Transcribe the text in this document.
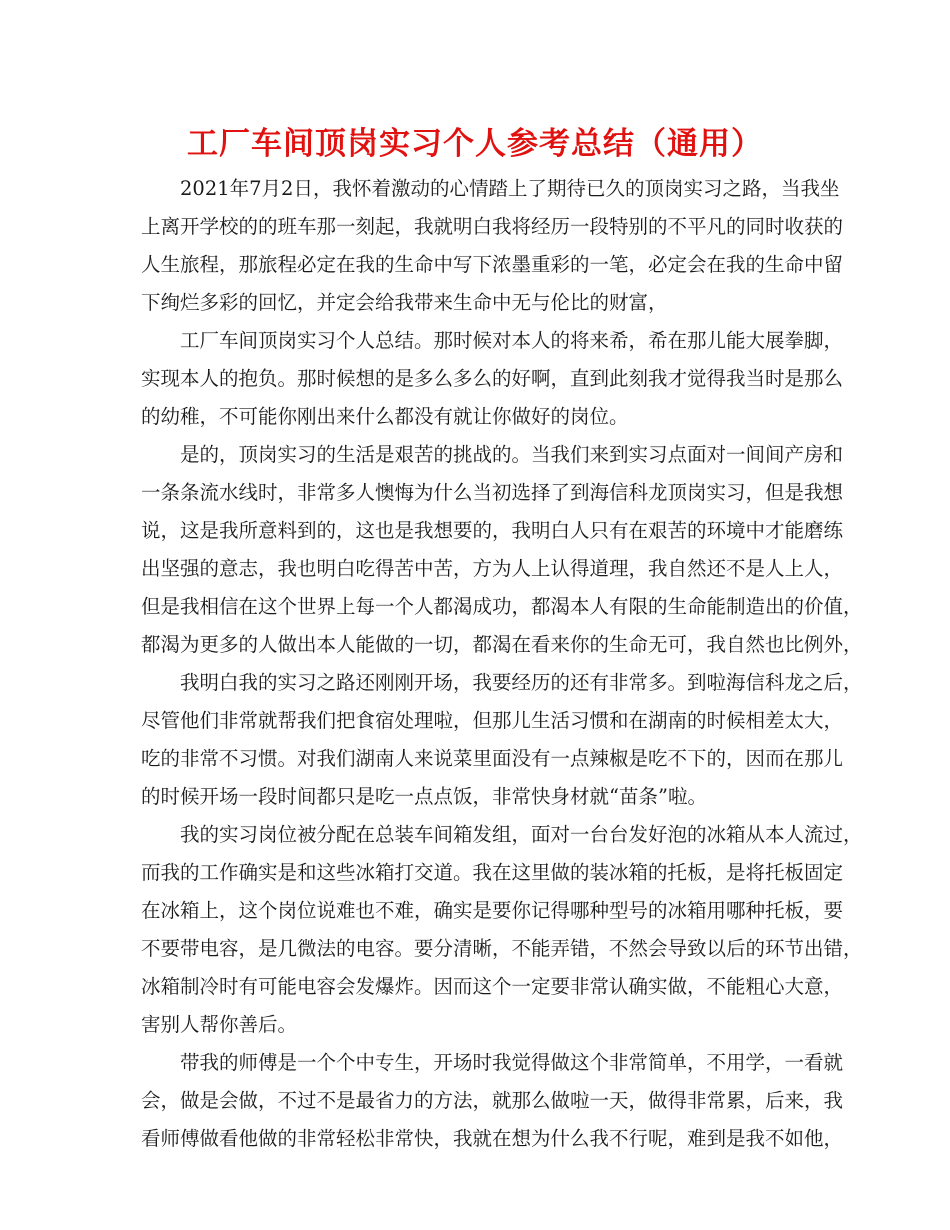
工厂车间顶岗实习个人参考总结（通用）

2021年7月2日，我怀着激动的心情踏上了期待已久的顶岗实习之路，当我坐
上离开学校的的班车那一刻起，我就明白我将经历一段特别的不平凡的同时收获的
人生旅程，那旅程必定在我的生命中写下浓墨重彩的一笔，必定会在我的生命中留
下绚烂多彩的回忆，并定会给我带来生命中无与伦比的财富，

工厂车间顶岗实习个人总结。那时候对本人的将来希，希在那儿能大展拳脚，
实现本人的抱负。那时候想的是多么多么的好啊，直到此刻我才觉得我当时是那么
的幼稚，不可能你刚出来什么都没有就让你做好的岗位。

是的，顶岗实习的生活是艰苦的挑战的。当我们来到实习点面对一间间产房和
一条条流水线时，非常多人懊悔为什么当初选择了到海信科龙顶岗实习，但是我想
说，这是我所意料到的，这也是我想要的，我明白人只有在艰苦的环境中才能磨练
出坚强的意志，我也明白吃得苦中苦，方为人上认得道理，我自然还不是人上人，
但是我相信在这个世界上每一个人都渴成功，都渴本人有限的生命能制造出的价值，
都渴为更多的人做出本人能做的一切，都渴在看来你的生命无可，我自然也比例外，

我明白我的实习之路还刚刚开场，我要经历的还有非常多。到啦海信科龙之后，
尽管他们非常就帮我们把食宿处理啦，但那儿生活习惯和在湖南的时候相差太大，
吃的非常不习惯。对我们湖南人来说菜里面没有一点辣椒是吃不下的，因而在那儿
的时候开场一段时间都只是吃一点点饭，非常快身材就“苗条”啦。

我的实习岗位被分配在总装车间箱发组，面对一台台发好泡的冰箱从本人流过，
而我的工作确实是和这些冰箱打交道。我在这里做的装冰箱的托板，是将托板固定
在冰箱上，这个岗位说难也不难，确实是要你记得哪种型号的冰箱用哪种托板，要
不要带电容，是几微法的电容。要分清晰，不能弄错，不然会导致以后的环节出错，
冰箱制冷时有可能电容会发爆炸。因而这个一定要非常认确实做，不能粗心大意，
害别人帮你善后。

带我的师傅是一个个中专生，开场时我觉得做这个非常简单，不用学，一看就
会，做是会做，不过不是最省力的方法，就那么做啦一天，做得非常累，后来，我
看师傅做看他做的非常轻松非常快，我就在想为什么我不行呢，难到是我不如他，
